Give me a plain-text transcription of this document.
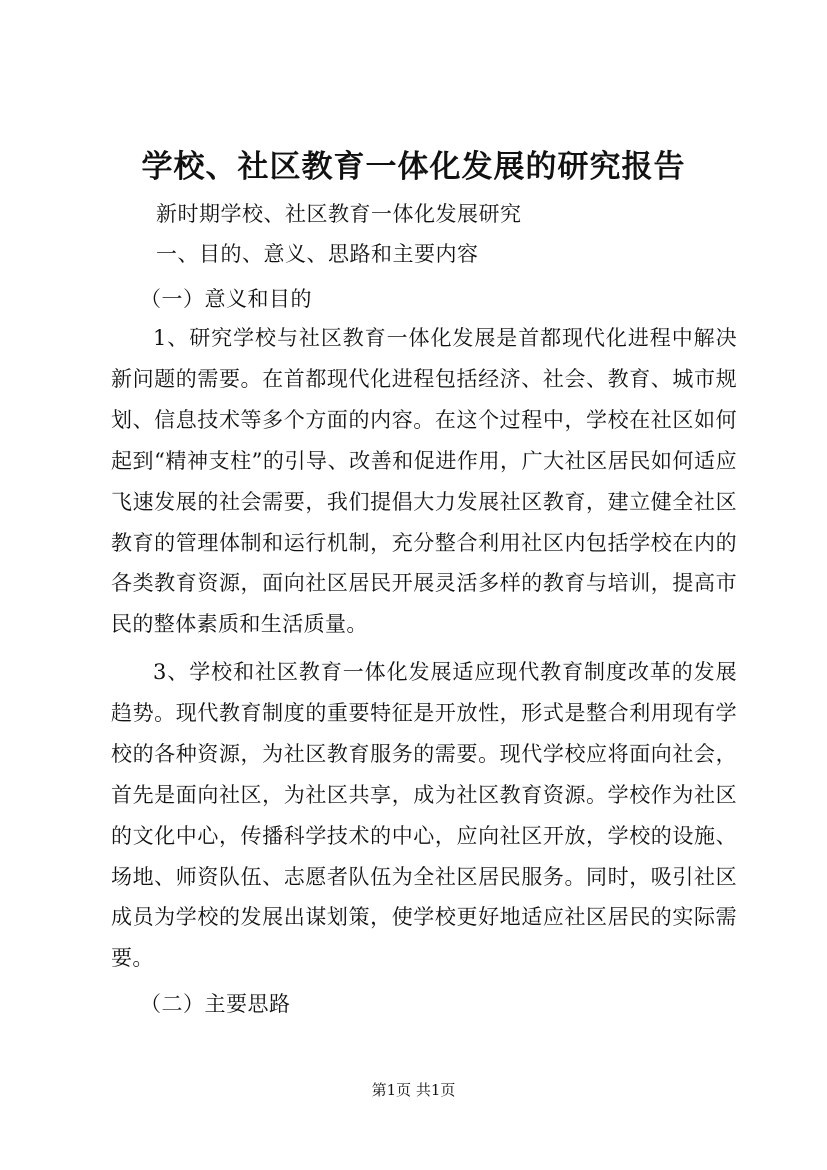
学校、社区教育一体化发展的研究报告

新时期学校、社区教育一体化发展研究

一、目的、意义、思路和主要内容

（一）意义和目的

1、研究学校与社区教育一体化发展是首都现代化进程中解决新问题的需要。在首都现代化进程包括经济、社会、教育、城市规划、信息技术等多个方面的内容。在这个过程中，学校在社区如何起到“精神支柱”的引导、改善和促进作用，广大社区居民如何适应飞速发展的社会需要，我们提倡大力发展社区教育，建立健全社区教育的管理体制和运行机制，充分整合利用社区内包括学校在内的各类教育资源，面向社区居民开展灵活多样的教育与培训，提高市民的整体素质和生活质量。

3、学校和社区教育一体化发展适应现代教育制度改革的发展趋势。现代教育制度的重要特征是开放性，形式是整合利用现有学校的各种资源，为社区教育服务的需要。现代学校应将面向社会，首先是面向社区，为社区共享，成为社区教育资源。学校作为社区的文化中心，传播科学技术的中心，应向社区开放，学校的设施、场地、师资队伍、志愿者队伍为全社区居民服务。同时，吸引社区成员为学校的发展出谋划策，使学校更好地适应社区居民的实际需要。

（二）主要思路

第1页 共1页
